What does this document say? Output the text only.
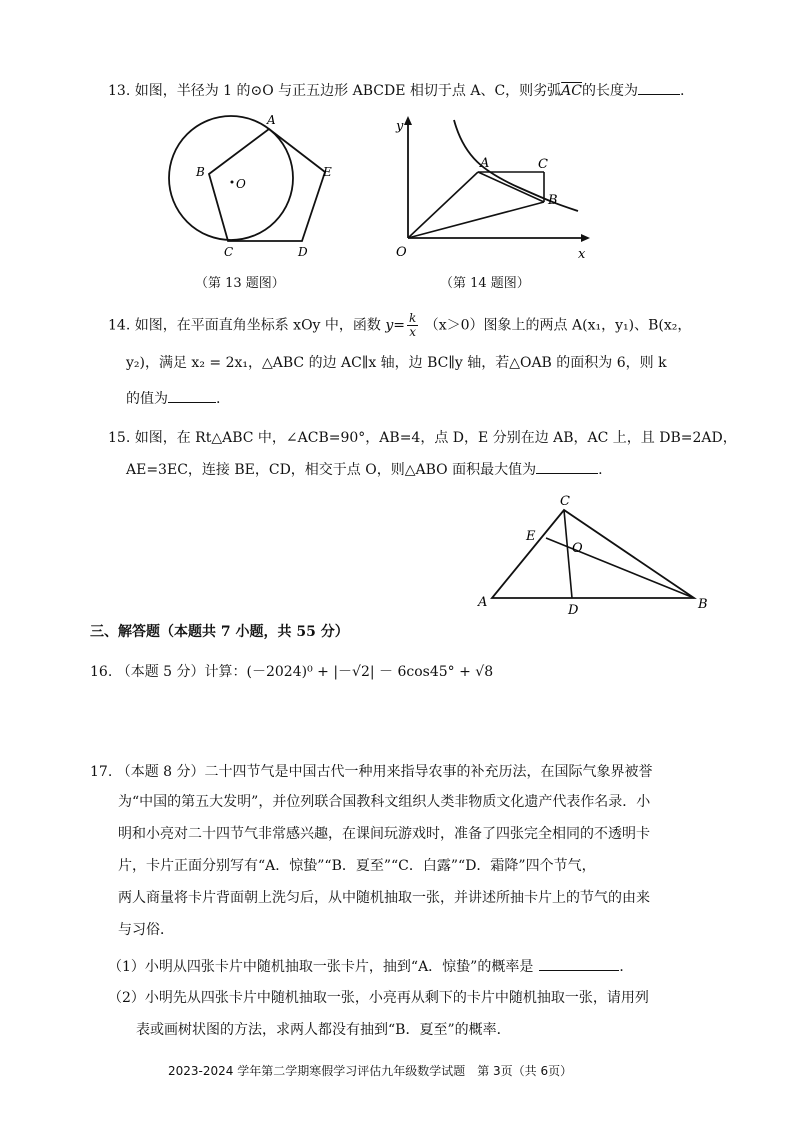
13. 如图，半径为 1 的⊙O 与正五边形 ABCDE 相切于点 A、C，则劣弧$\overline{AC}$的长度为	.
A
B
C	D
E
O
（第 13 题图）
y
x
O
A	C
B
（第 14 题图）
14. 如图，在平面直角坐标系 xOy 中，函数 $y= \frac{k}{x} (x>0)$图象上的两点 A(x₁，y₁)、B(x₂，
y₂)，满足 x₂ = 2x₁，△ABC 的边 AC∥x 轴，边 BC∥y 轴，若△OAB 的面积为 6，则 k
的值为	.
15. 如图，在 Rt△ABC 中，∠ACB=90°，AB=4，点 D，E 分别在边 AB，AC 上，且 DB=2AD，
AE=3EC，连接 BE，CD，相交于点 O，则△ABO 面积最大值为	.
C
E
O
A
D	B
三、解答题（本题共 7 小题，共 55 分）
16. （本题 5 分）计算：(－2024)⁰ + |－√2| － 6cos45° + √8
17. （本题 8 分）二十四节气是中国古代一种用来指导农事的补充历法，在国际气象界被誉
为“中国的第五大发明”，并位列联合国教科文组织人类非物质文化遗产代表作名录．小
明和小亮对二十四节气非常感兴趣，在课间玩游戏时，准备了四张完全相同的不透明卡
片，卡片正面分别写有“A．惊蛰”“B．夏至”“C．白露”“D．霜降”四个节气，
两人商量将卡片背面朝上洗匀后，从中随机抽取一张，并讲述所抽卡片上的节气的由来
与习俗．
（1）小明从四张卡片中随机抽取一张卡片，抽到“A．惊蛰”的概率是	．
（2）小明先从四张卡片中随机抽取一张，小亮再从剩下的卡片中随机抽取一张，请用列
表或画树状图的方法，求两人都没有抽到“B．夏至”的概率．
2023-2024 学年第二学期寒假学习评估九年级数学试题　第 3页（共 6页）
